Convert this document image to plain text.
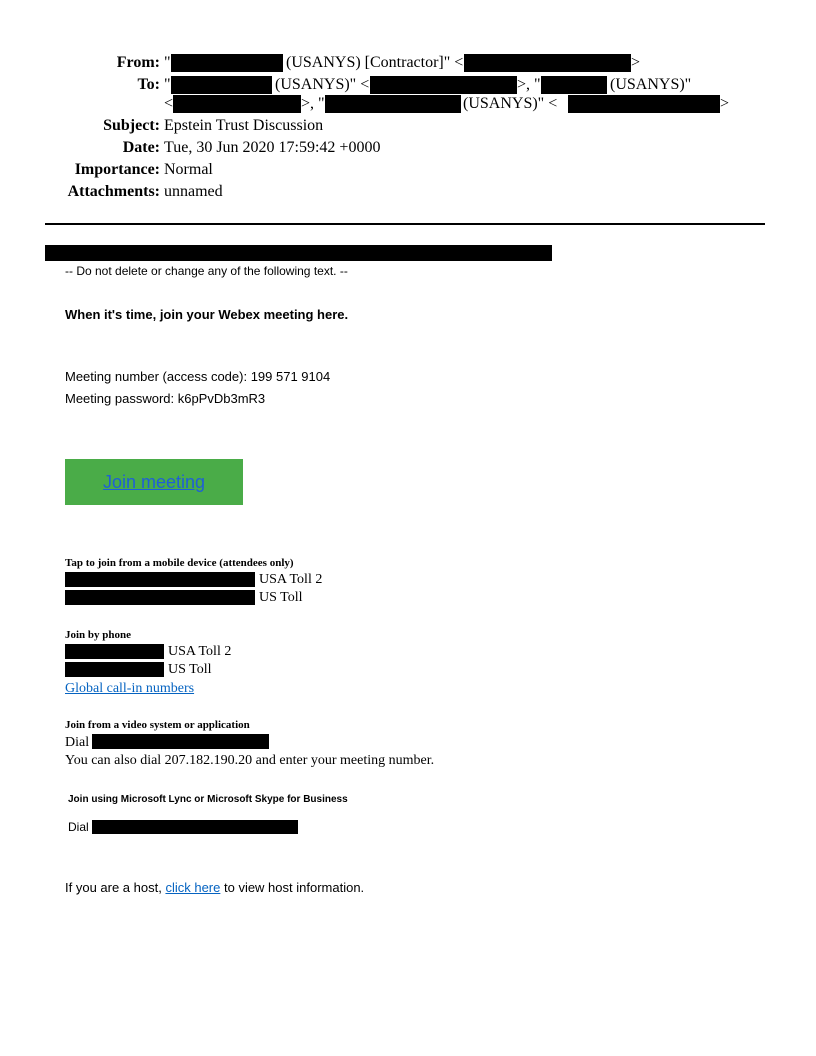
From: "	(USANYS) [Contractor]" <	>
To: "	(USANYS)" <	>, "	(USANYS)"
<	>, "	(USANYS)" <	>
Subject: Epstein Trust Discussion
Date: Tue, 30 Jun 2020 17:59:42 +0000
Importance: Normal
Attachments: unnamed
-- Do not delete or change any of the following text. --
When it's time, join your Webex meeting here.
Meeting number (access code): 199 571 9104
Meeting password: k6pPvDb3mR3
Join meeting
Tap to join from a mobile device (attendees only)
USA Toll 2
US Toll
Join by phone
USA Toll 2
US Toll
Global call-in numbers
Join from a video system or application
Dial
You can also dial 207.182.190.20 and enter your meeting number.
Join using Microsoft Lync or Microsoft Skype for Business
Dial
If you are a host, click here to view host information.
